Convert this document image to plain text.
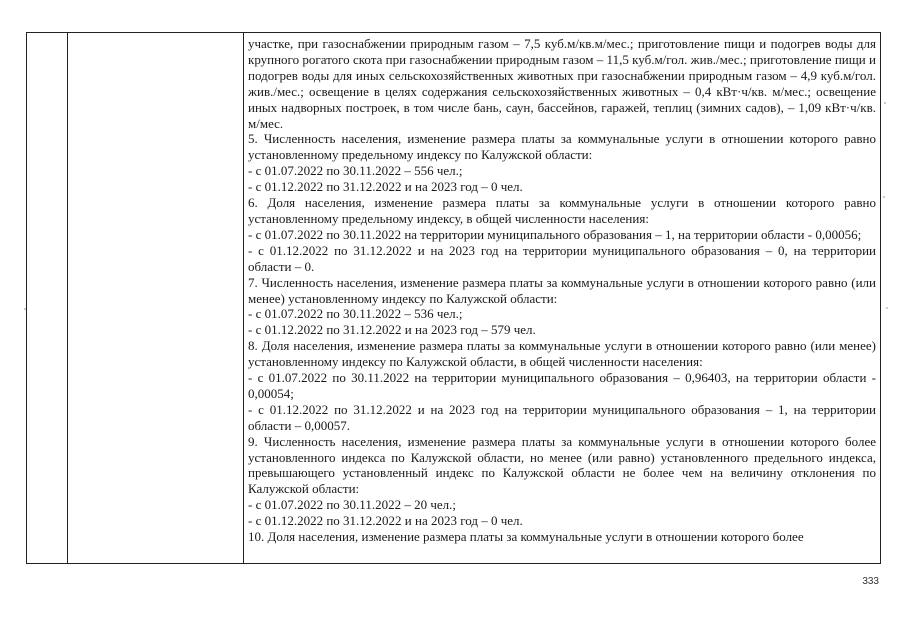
участке, при газоснабжении природным газом – 7,5 куб.м/кв.м/мес.; приготовление пищи и подогрев воды для крупного рогатого скота при газоснабжении природным газом – 11,5 куб.м/гол. жив./мес.; приготовление пищи и подогрев воды для иных сельскохозяйственных животных при газоснабжении природным газом – 4,9 куб.м/гол. жив./мес.; освещение в целях содержания сельскохозяйственных животных – 0,4 кВт·ч/кв. м/мес.; освещение иных надворных построек, в том числе бань, саун, бассейнов, гаражей, теплиц (зимних садов), – 1,09 кВт·ч/кв. м/мес.

5. Численность населения, изменение размера платы за коммунальные услуги в отношении которого равно установленному предельному индексу по Калужской области:

- с 01.07.2022 по 30.11.2022 – 556 чел.;

- с 01.12.2022 по 31.12.2022 и на 2023 год – 0 чел.

6. Доля населения, изменение размера платы за коммунальные услуги в отношении которого равно установленному предельному индексу, в общей численности населения:

- с 01.07.2022 по 30.11.2022 на территории муниципального образования – 1, на территории области - 0,00056;

- с 01.12.2022 по 31.12.2022 и на 2023 год на территории муниципального образования – 0, на территории области – 0.

7. Численность населения, изменение размера платы за коммунальные услуги в отношении которого равно (или менее) установленному индексу по Калужской области:

- с 01.07.2022 по 30.11.2022 – 536 чел.;

- с 01.12.2022 по 31.12.2022 и на 2023 год – 579 чел.

8. Доля населения, изменение размера платы за коммунальные услуги в отношении которого равно (или менее) установленному индексу по Калужской области, в общей численности населения:

- с 01.07.2022 по 30.11.2022 на территории муниципального образования – 0,96403, на территории области - 0,00054;

- с 01.12.2022 по 31.12.2022 и на 2023 год на территории муниципального образования – 1, на территории области – 0,00057.

9. Численность населения, изменение размера платы за коммунальные услуги в отношении которого более установленного индекса по Калужской области, но менее (или равно) установленного предельного индекса, превышающего установленный индекс по Калужской области не более чем на величину отклонения по Калужской области:

- с 01.07.2022 по 30.11.2022 – 20 чел.;

- с 01.12.2022 по 31.12.2022 и на 2023 год – 0 чел.

10. Доля населения, изменение размера платы за коммунальные услуги в отношении которого более

333
